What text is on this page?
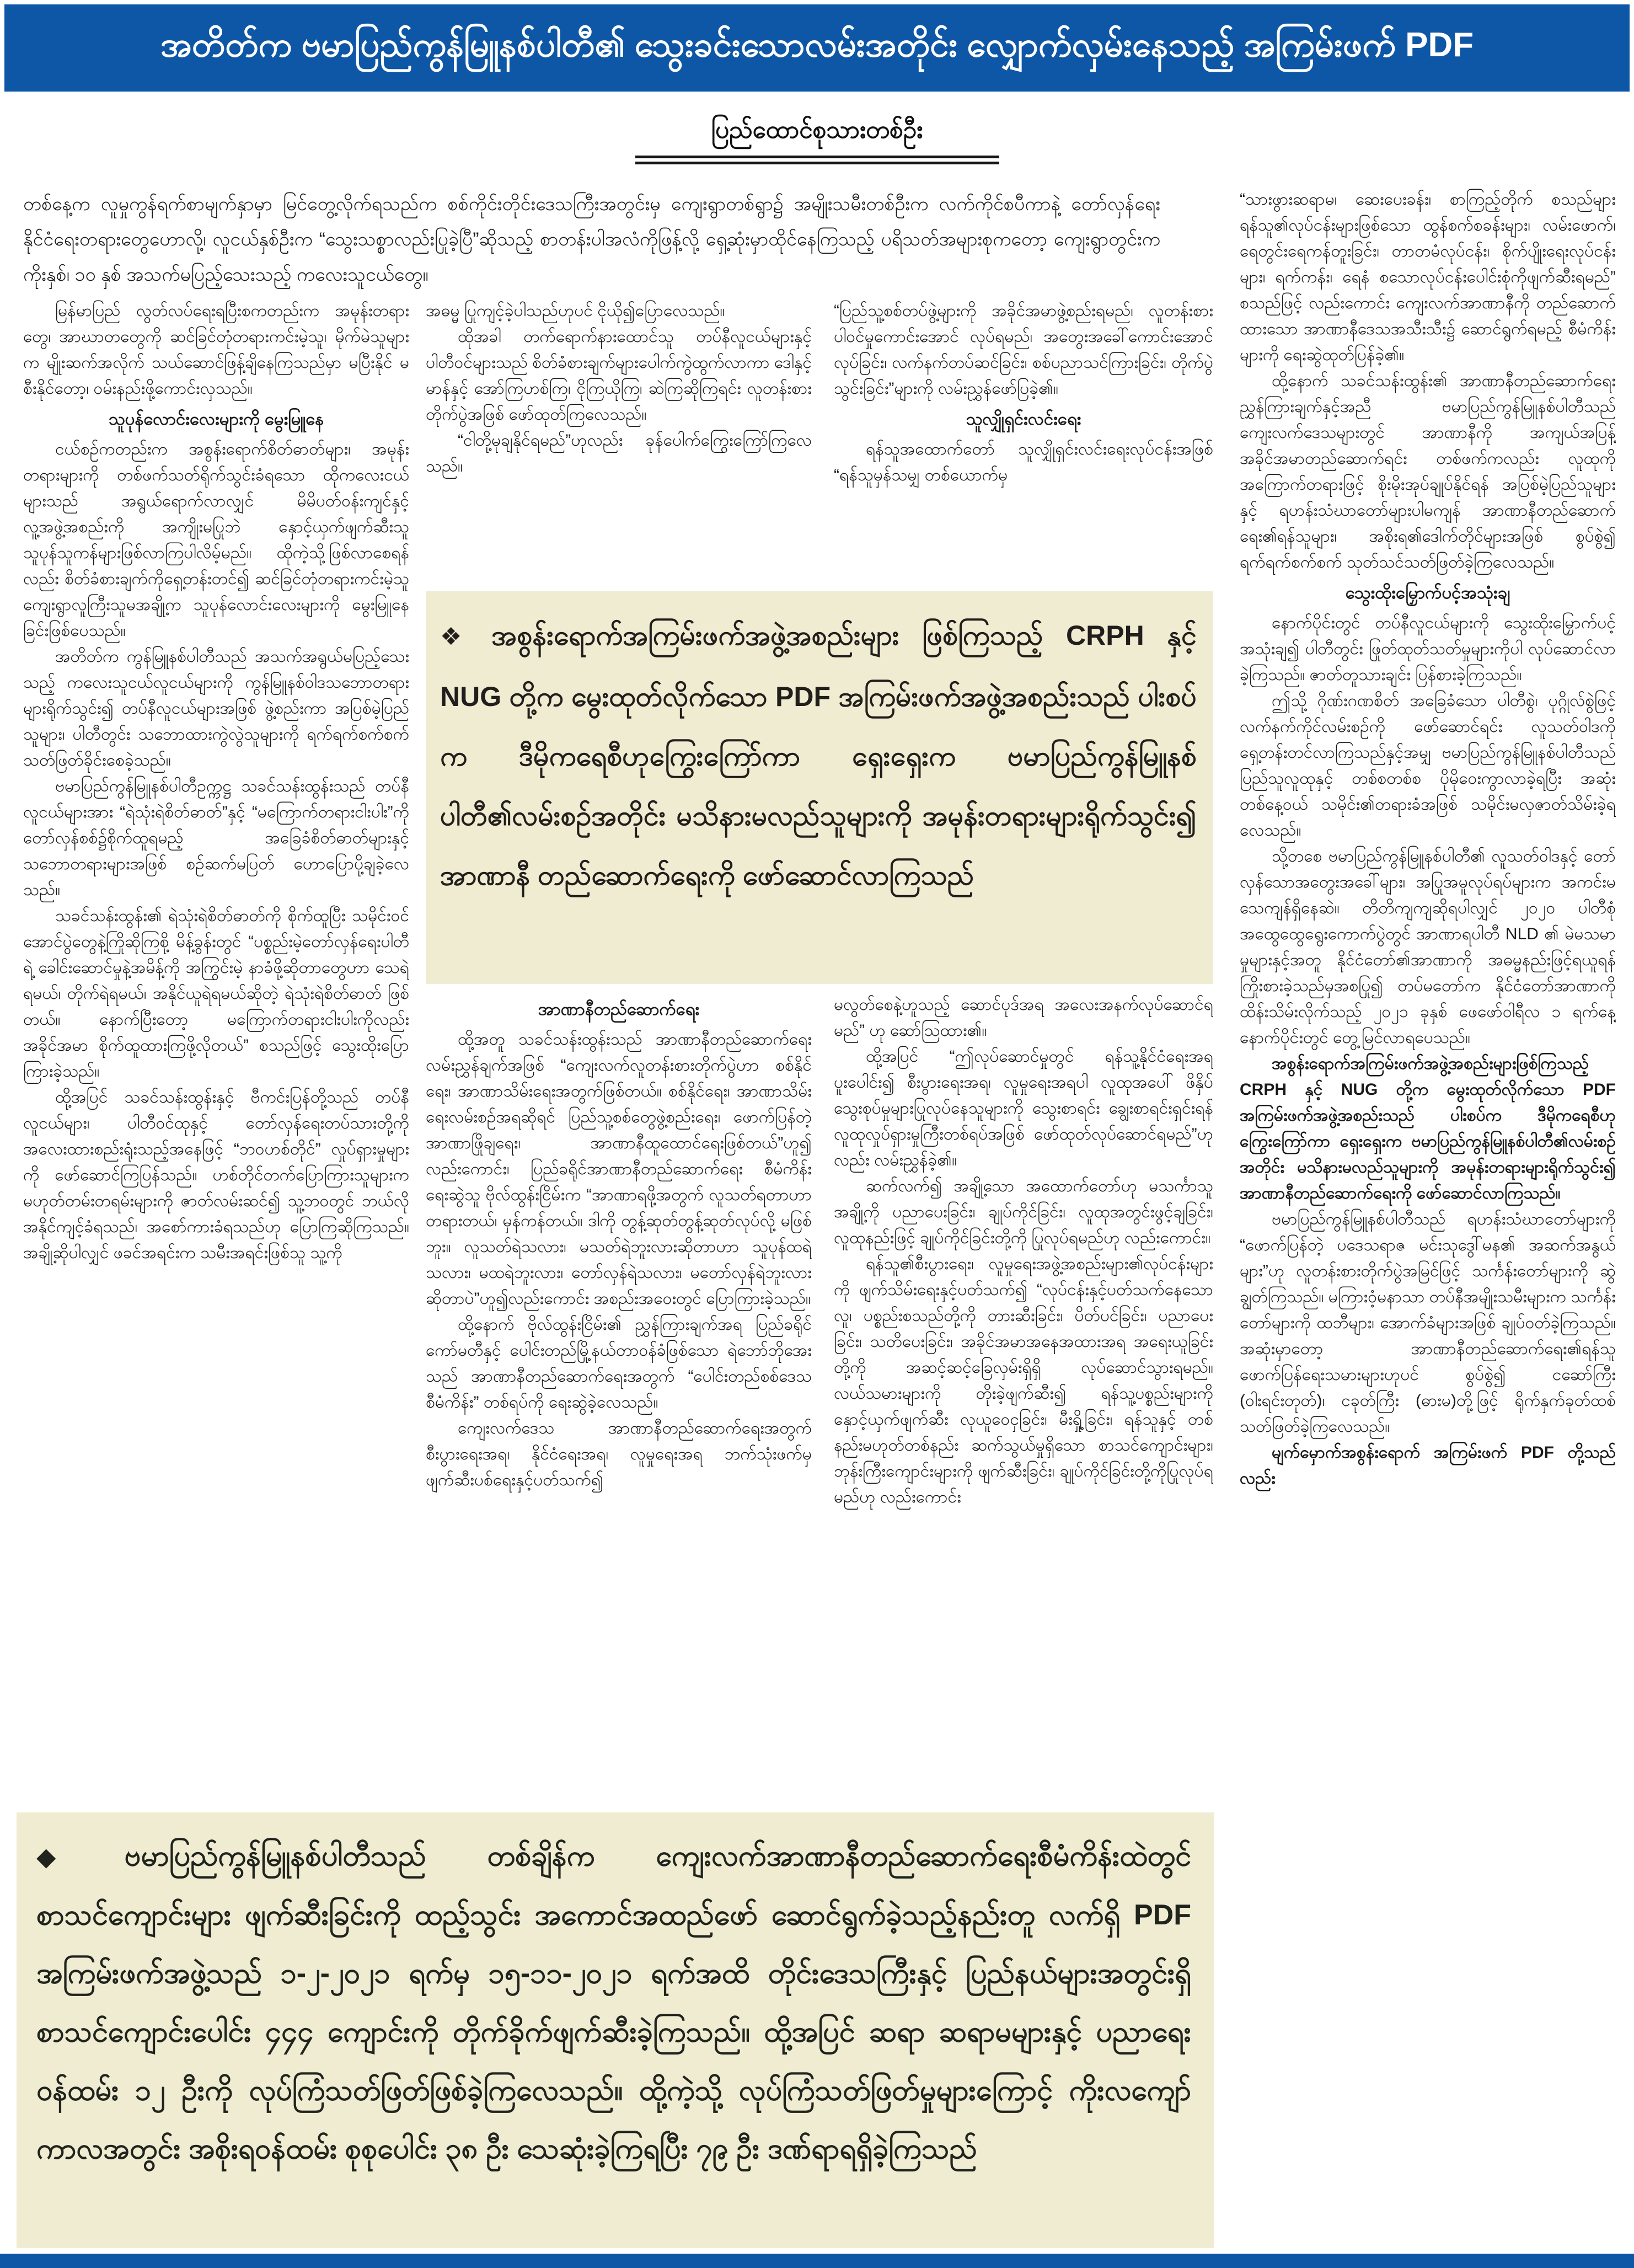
အတိတ်က ဗမာပြည်ကွန်မြူနစ်ပါတီ၏ သွေးခင်းသောလမ်းအတိုင်း လျှောက်လှမ်းနေသည့် အကြမ်းဖက် PDF
ပြည်ထောင်စုသားတစ်ဦး
တစ်နေ့က လူမှုကွန်ရက်စာမျက်နှာမှာ မြင်တွေ့လိုက်ရသည်က စစ်ကိုင်းတိုင်းဒေသကြီးအတွင်းမှ ကျေးရွာတစ်ရွာ၌ အမျိုးသမီးတစ်ဦးက လက်ကိုင်စပီကာနဲ့ တော်လှန်ရေး နိုင်ငံရေးတရားတွေဟောလို့၊ လူငယ်နှစ်ဦးက “သွေးသစ္စာလည်းပြုခဲ့ပြီ”ဆိုသည့် စာတန်းပါအလံကိုဖြန့်လို့ ရှေ့ဆုံးမှာထိုင်နေကြသည့် ပရိသတ်အများစုကတော့ ကျေးရွာတွင်းက ကိုးနှစ်၊ ၁၀ နှစ် အသက်မပြည့်သေးသည့် ကလေးသူငယ်တွေ။
မြန်မာပြည် လွတ်လပ်ရေးရပြီးစကတည်းက အမုန်းတရားတွေ၊ အာဃာတတွေကို ဆင်ခြင်တုံတရားကင်းမဲ့သူ၊ မိုက်မဲသူများက မျိုးဆက်အလိုက် သယ်ဆောင်ဖြန့်ချိနေကြသည်မှာ မပြီးနိုင် မစီးနိုင်တော့၊ ဝမ်းနည်းဖို့ကောင်းလှသည်။
သူပုန်လောင်းလေးများကို မွေးမြူနေ
ငယ်စဉ်ကတည်းက အစွန်းရောက်စိတ်ဓာတ်များ၊ အမုန်းတရားများကို တစ်ဖက်သတ်ရိုက်သွင်းခံရသော ထိုကလေးငယ်များသည် အရွယ်ရောက်လာလျှင် မိမိပတ်ဝန်းကျင်နှင့် လူ့အဖွဲ့အစည်းကို အကျိုးမပြုဘဲ နှောင့်ယှက်ဖျက်ဆီးသူ သူပုန်သူကန်များဖြစ်လာကြပါလိမ့်မည်။ ထိုကဲ့သို့ဖြစ်လာစေရန်လည်း စိတ်ခံစားချက်ကိုရှေ့တန်းတင်၍ ဆင်ခြင်တုံတရားကင်းမဲ့သူ ကျေးရွာလူကြီးသူမအချို့က သူပုန်လောင်းလေးများကို မွေးမြူနေခြင်းဖြစ်ပေသည်။
အတိတ်က ကွန်မြူနစ်ပါတီသည် အသက်အရွယ်မပြည့်သေးသည့် ကလေးသူငယ်လူငယ်များကို ကွန်မြူနစ်ဝါဒသဘောတရားများရိုက်သွင်း၍ တပ်နီလူငယ်များအဖြစ် ဖွဲ့စည်းကာ အပြစ်မဲ့ပြည်သူများ၊ ပါတီတွင်း သဘောထားကွဲလွဲသူများကို ရက်ရက်စက်စက် သတ်ဖြတ်ခိုင်းစေခဲ့သည်။
ဗမာပြည်ကွန်မြူနစ်ပါတီဥက္ကဋ္ဌ သခင်သန်းထွန်းသည် တပ်နီလူငယ်များအား “ရဲသုံးရဲစိတ်ဓာတ်”နှင့် “မကြောက်တရားငါးပါး”ကို တော်လှန်စစ်၌စိုက်ထူရမည့် အခြေခံစိတ်ဓာတ်များနှင့် သဘောတရားများအဖြစ် စဉ်ဆက်မပြတ် ဟောပြောပို့ချခဲ့လေသည်။
သခင်သန်းထွန်း၏ ရဲသုံးရဲစိတ်ဓာတ်ကို စိုက်ထူပြီး သမိုင်းဝင်အောင်ပွဲတွေနဲ့ကြိုဆိုကြစို့ မိန့်ခွန်းတွင် “ပစ္စည်းမဲ့တော်လှန်ရေးပါတီရဲ့ ခေါင်းဆောင်မှုနဲ့အမိန့်ကို အကြွင်းမဲ့ နာခံဖို့ဆိုတာတွေဟာ သေရဲရမယ်၊ တိုက်ရဲရမယ်၊ အနိုင်ယူရဲရမယ်ဆိုတဲ့ ရဲသုံးရဲစိတ်ဓာတ် ဖြစ်တယ်။ နောက်ပြီးတော့ မကြောက်တရားငါးပါးကိုလည်း အခိုင်အမာ စိုက်ထူထားကြဖို့လိုတယ်” စသည်ဖြင့် သွေးထိုးပြောကြားခဲ့သည်။
ထို့အပြင် သခင်သန်းထွန်းနှင့် ဗီကင်းပြန်တို့သည် တပ်နီလူငယ်များ၊ ပါတီဝင်ထုနှင့် တော်လှန်ရေးတပ်သားတို့ကို အလေးထားစည်းရုံးသည့်အနေဖြင့် “ဘဝဟစ်တိုင်” လှုပ်ရှားမှုများကို ဖော်ဆောင်ကြပြန်သည်။ ဟစ်တိုင်တက်ပြောကြားသူများက မဟုတ်တမ်းတရမ်းများကို ဇာတ်လမ်းဆင်၍ သူ့ဘဝတွင် ဘယ်လိုအနိုင်ကျင့်ခံရသည်၊ အစော်ကားခံရသည်ဟု ပြောကြဆိုကြသည်။ အချို့ဆိုပါလျှင် ဖခင်အရင်းက သမီးအရင်းဖြစ်သူ သူ့ကို
အဓမ္မ ပြုကျင့်ခဲ့ပါသည်ဟုပင် ငိုယို၍ပြောလေသည်။
ထိုအခါ တက်ရောက်နားထောင်သူ တပ်နီလူငယ်များနှင့် ပါတီဝင်များသည် စိတ်ခံစားချက်များပေါက်ကွဲထွက်လာကာ ဒေါနှင့်မာန်နှင့် အော်ကြဟစ်ကြ၊ ငိုကြယိုကြ၊ ဆဲကြဆိုကြရင်း လူတန်းစားတိုက်ပွဲအဖြစ် ဖော်ထုတ်ကြလေသည်။
“ငါတို့မုချနိုင်ရမည်”ဟုလည်း ခုန်ပေါက်ကြွေးကြော်ကြလေသည်။
အာဏာနီတည်ဆောက်ရေး
ထို့အတူ သခင်သန်းထွန်းသည် အာဏာနီတည်ဆောက်ရေးလမ်းညွှန်ချက်အဖြစ် “ကျေးလက်လူတန်းစားတိုက်ပွဲဟာ စစ်နိုင်ရေး၊ အာဏာသိမ်းရေးအတွက်ဖြစ်တယ်။ စစ်နိုင်ရေး၊ အာဏာသိမ်းရေးလမ်းစဉ်အရဆိုရင် ပြည်သူ့စစ်တွေဖွဲ့စည်းရေး၊ ဖောက်ပြန်တဲ့အာဏာဖြိုချရေး၊ အာဏာနီထူထောင်ရေးဖြစ်တယ်”ဟူ၍ လည်းကောင်း၊ ပြည်ခရိုင်အာဏာနီတည်ဆောက်ရေး စီမံကိန်းရေးဆွဲသူ ဗိုလ်ထွန်းငြိမ်းက “အာဏာရဖို့အတွက် လူသတ်ရတာဟာ တရားတယ်၊ မှန်ကန်တယ်။ ဒါကို တွန့်ဆုတ်တွန့်ဆုတ်လုပ်လို့ မဖြစ်ဘူး။ လူသတ်ရဲသလား၊ မသတ်ရဲဘူးလားဆိုတာဟာ သူပုန်ထရဲသလား၊ မထရဲဘူးလား၊ တော်လှန်ရဲသလား၊ မတော်လှန်ရဲဘူးလားဆိုတာပဲ”ဟူ၍လည်းကောင်း အစည်းအဝေးတွင် ပြောကြားခဲ့သည်။
ထို့နောက် ဗိုလ်ထွန်းငြိမ်း၏ ညွှန်ကြားချက်အရ ပြည်ခရိုင်ကော်မတီနှင့် ပေါင်းတည်မြို့နယ်တာဝန်ခံဖြစ်သော ရဲဘော်ဘိုအေးသည် အာဏာနီတည်ဆောက်ရေးအတွက် “ပေါင်းတည်စစ်ဒေသစီမံကိန်း” တစ်ရပ်ကို ရေးဆွဲခဲ့လေသည်။
ကျေးလက်ဒေသ အာဏာနီတည်ဆောက်ရေးအတွက် စီးပွားရေးအရ၊ နိုင်ငံရေးအရ၊ လူမှုရေးအရ ဘက်သုံးဖက်မှ ဖျက်ဆီးပစ်ရေးနှင့်ပတ်သက်၍
“ပြည်သူ့စစ်တပ်ဖွဲ့များကို အခိုင်အမာဖွဲ့စည်းရမည်၊ လူတန်းစားပါဝင်မှုကောင်းအောင် လုပ်ရမည်၊ အတွေးအခေါ်ကောင်းအောင်လုပ်ခြင်း၊ လက်နက်တပ်ဆင်ခြင်း၊ စစ်ပညာသင်ကြားခြင်း၊ တိုက်ပွဲသွင်းခြင်း”များကို လမ်းညွှန်ဖော်ပြခဲ့၏။
သူလျှိုရှင်းလင်းရေး
ရန်သူအထောက်တော် သူလျှိုရှင်းလင်းရေးလုပ်ငန်းအဖြစ် “ရန်သူမှန်သမျှ တစ်ယောက်မှ
မလွတ်စေနဲ့ဟူသည့် ဆောင်ပုဒ်အရ အလေးအနက်လုပ်ဆောင်ရမည်” ဟု ဆော်ဩထား၏။
ထို့အပြင် “ဤလုပ်ဆောင်မှုတွင် ရန်သူ့နိုင်ငံရေးအရ ပူးပေါင်း၍ စီးပွားရေးအရ၊ လူမှုရေးအရပါ လူထုအပေါ် ဖိနှိပ်သွေးစုပ်မှုများပြုလုပ်နေသူများကို သွေးစာရင်း ချွေးစာရင်းရှင်းရန် လူထုလှုပ်ရှားမှုကြီးတစ်ရပ်အဖြစ် ဖော်ထုတ်လုပ်ဆောင်ရမည်”ဟုလည်း လမ်းညွှန်ခဲ့၏။
ဆက်လက်၍ အချို့သော အထောက်တော်ဟု မသင်္ကာသူအချို့ကို ပညာပေးခြင်း၊ ချုပ်ကိုင်ခြင်း၊ လူထုအတွင်းဖွင့်ချခြင်း၊ လူထုနည်းဖြင့် ချုပ်ကိုင်ခြင်းတို့ကို ပြုလုပ်ရမည်ဟု လည်းကောင်း။
ရန်သူ၏စီးပွားရေး၊ လူမှုရေးအဖွဲ့အစည်းများ၏လုပ်ငန်းများကို ဖျက်သိမ်းရေးနှင့်ပတ်သက်၍ “လုပ်ငန်းနှင့်ပတ်သက်နေသော လူ၊ ပစ္စည်းစသည်တို့ကို တားဆီးခြင်း၊ ပိတ်ပင်ခြင်း၊ ပညာပေးခြင်း၊ သတိပေးခြင်း၊ အခိုင်အမာအနေအထားအရ အရေးယူခြင်းတို့ကို အဆင့်ဆင့်ခြေလှမ်းရှိရှိ လုပ်ဆောင်သွားရမည်။ လယ်သမားများကို တိုးခဲ့ဖျက်ဆီး၍ ရန်သူ့ပစ္စည်းများကို နှောင့်ယှက်ဖျက်ဆီး လုယူဝေငှခြင်း၊ မီးရှို့ခြင်း၊ ရန်သူနှင့် တစ်နည်းမဟုတ်တစ်နည်း ဆက်သွယ်မှုရှိသော စာသင်ကျောင်းများ၊ ဘုန်းကြီးကျောင်းများကို ဖျက်ဆီးခြင်း၊ ချုပ်ကိုင်ခြင်းတို့ကိုပြုလုပ်ရမည်ဟု လည်းကောင်း
“သားဖွားဆရာမ၊ ဆေးပေးခန်း၊ စာကြည့်တိုက် စသည်များ ရန်သူ၏လုပ်ငန်းများဖြစ်သော ထွန်စက်စခန်းများ၊ လမ်းဖောက်၊ ရေတွင်းရေကန်တူးခြင်း၊ တာတမံလုပ်ငန်း၊ စိုက်ပျိုးရေးလုပ်ငန်းများ၊ ရက်ကန်း၊ ရေနံ စသောလုပ်ငန်းပေါင်းစုံကိုဖျက်ဆီးရမည်” စသည်ဖြင့် လည်းကောင်း ကျေးလက်အာဏာနီကို တည်ဆောက်ထားသော အာဏာနီဒေသအသီးသီး၌ ဆောင်ရွက်ရမည့် စီမံကိန်းများကို ရေးဆွဲထုတ်ပြန်ခဲ့၏။
ထို့နောက် သခင်သန်းထွန်း၏ အာဏာနီတည်ဆောက်ရေးညွှန်ကြားချက်နှင့်အညီ ဗမာပြည်ကွန်မြူနစ်ပါတီသည် ကျေးလက်ဒေသများတွင် အာဏာနီကို အကျယ်အပြန့် အခိုင်အမာတည်ဆောက်ရင်း တစ်ဖက်ကလည်း လူထုကို အကြောက်တရားဖြင့် စိုးမိုးအုပ်ချုပ်နိုင်ရန် အပြစ်မဲ့ပြည်သူများနှင့် ရဟန်းသံဃာတော်များပါမကျန် အာဏာနီတည်ဆောက်ရေး၏ရန်သူများ၊ အစိုးရ၏ဒေါက်တိုင်များအဖြစ် စွပ်စွဲ၍ ရက်ရက်စက်စက် သုတ်သင်သတ်ဖြတ်ခဲ့ကြလေသည်။
သွေးထိုးမြှောက်ပင့်အသုံးချ
နောက်ပိုင်းတွင် တပ်နီလူငယ်များကို သွေးထိုးမြှောက်ပင့်အသုံးချ၍ ပါတီတွင်း ဖြုတ်ထုတ်သတ်မှုများကိုပါ လုပ်ဆောင်လာခဲ့ကြသည်။ ဇာတ်တူသားချင်း ပြန်စားခဲ့ကြသည်။
ဤသို့ ဂိုဏ်းဂဏစိတ် အခြေခံသော ပါတီစွဲ၊ ပုဂ္ဂိုလ်စွဲဖြင့် လက်နက်ကိုင်လမ်းစဉ်ကို ဖော်ဆောင်ရင်း လူသတ်ဝါဒကိုရှေ့တန်းတင်လာကြသည်နှင့်အမျှ ဗမာပြည်ကွန်မြူနစ်ပါတီသည် ပြည်သူလူထုနှင့် တစ်စတစ်စ ပိုမိုဝေးကွာလာခဲ့ရပြီး အဆုံးတစ်နေ့ဝယ် သမိုင်း၏တရားခံအဖြစ် သမိုင်းမလှဇာတ်သိမ်းခဲ့ရလေသည်။
သို့တစေ ဗမာပြည်ကွန်မြူနစ်ပါတီ၏ လူသတ်ဝါဒနှင့် တော်လှန်သောအတွေးအခေါ်များ၊ အပြုအမူလုပ်ရပ်များက အကင်းမသေကျန်ရှိနေဆဲ။ တိတိကျကျဆိုရပါလျှင် ၂၀၂၀ ပါတီစုံအထွေထွေရွေးကောက်ပွဲတွင် အာဏာရပါတီ NLD ၏ မဲမသမာမှုများနှင့်အတူ နိုင်ငံတော်၏အာဏာကို အဓမ္မနည်းဖြင့်ရယူရန် ကြိုးစားခဲ့သည်မှအစပြု၍ တပ်မတော်က နိုင်ငံတော်အာဏာကို ထိန်းသိမ်းလိုက်သည့် ၂၀၂၁ ခုနှစ် ဖေဖော်ဝါရီလ ၁ ရက်နေ့ နောက်ပိုင်းတွင် တွေ့မြင်လာရပေသည်။
အစွန်းရောက်အကြမ်းဖက်အဖွဲ့အစည်းများဖြစ်ကြသည့် CRPH နှင့် NUG တို့က မွေးထုတ်လိုက်သော PDF အကြမ်းဖက်အဖွဲ့အစည်းသည် ပါးစပ်က ဒီမိုကရေစီဟု ကြွေးကြော်ကာ ရှေးရှေးက ဗမာပြည်ကွန်မြူနစ်ပါတီ၏လမ်းစဉ်အတိုင်း မသိနားမလည်သူများကို အမုန်းတရားများရိုက်သွင်း၍ အာဏာနီတည်ဆောက်ရေးကို ဖော်ဆောင်လာကြသည်။
ဗမာပြည်ကွန်မြူနစ်ပါတီသည် ရဟန်းသံဃာတော်များကို “ဖောက်ပြန်တဲ့ ပဒေသရာဇ မင်းသုဒွေါ်မန၏ အဆက်အနွယ်များ”ဟု လူတန်းစားတိုက်ပွဲအမြင်ဖြင့် သင်္ကန်းတော်များကို ဆွဲချွတ်ကြသည်။ မကြားဝံ့မနာသာ တပ်နီအမျိုးသမီးများက သင်္ကန်းတော်များကို ထဘီများ၊ အောက်ခံများအဖြစ် ချုပ်ဝတ်ခဲ့ကြသည်။ အဆုံးမှာတော့ အာဏာနီတည်ဆောက်ရေး၏ရန်သူ ဖောက်ပြန်ရေးသမားများဟုပင် စွပ်စွဲ၍ ငဆော်ကြီး (ဝါးရင်းတုတ်)၊ ငခုတ်ကြီး (ဓားမ)တို့ဖြင့် ရိုက်နှက်ခုတ်ထစ်သတ်ဖြတ်ခဲ့ကြလေသည်။
မျက်မှောက်အစွန်းရောက် အကြမ်းဖက် PDF တို့သည်လည်း
❖ အစွန်းရောက်အကြမ်းဖက်အဖွဲ့အစည်းများ ဖြစ်ကြသည့် CRPH နှင့် NUG တို့က မွေးထုတ်လိုက်သော PDF အကြမ်းဖက်အဖွဲ့အစည်းသည် ပါးစပ်က ဒီမိုကရေစီဟုကြွေးကြော်ကာ ရှေးရှေးက ဗမာပြည်ကွန်မြူနစ်ပါတီ၏လမ်းစဉ်အတိုင်း မသိနားမလည်သူများကို အမုန်းတရားများရိုက်သွင်း၍ အာဏာနီ တည်ဆောက်ရေးကို ဖော်ဆောင်လာကြသည်
◆ ဗမာပြည်ကွန်မြူနစ်ပါတီသည် တစ်ချိန်က ကျေးလက်အာဏာနီတည်ဆောက်ရေးစီမံကိန်းထဲတွင် စာသင်ကျောင်းများ ဖျက်ဆီးခြင်းကို ထည့်သွင်း အကောင်အထည်ဖော် ဆောင်ရွက်ခဲ့သည့်နည်းတူ လက်ရှိ PDF အကြမ်းဖက်အဖွဲ့သည် ၁-၂-၂၀၂၁ ရက်မှ ၁၅-၁၁-၂၀၂၁ ရက်အထိ တိုင်းဒေသကြီးနှင့် ပြည်နယ်များအတွင်းရှိ စာသင်ကျောင်းပေါင်း ၄၄၄ ကျောင်းကို တိုက်ခိုက်ဖျက်ဆီးခဲ့ကြသည်။ ထို့အပြင် ဆရာ ဆရာမများနှင့် ပညာရေးဝန်ထမ်း ၁၂ ဦးကို လုပ်ကြံသတ်ဖြတ်ဖြစ်ခဲ့ကြလေသည်။ ထို့ကဲ့သို့ လုပ်ကြံသတ်ဖြတ်မှုများကြောင့် ကိုးလကျော်ကာလအတွင်း အစိုးရဝန်ထမ်း စုစုပေါင်း ၃၈ ဦး သေဆုံးခဲ့ကြရပြီး ၇၉ ဦး ဒဏ်ရာရရှိခဲ့ကြသည်
